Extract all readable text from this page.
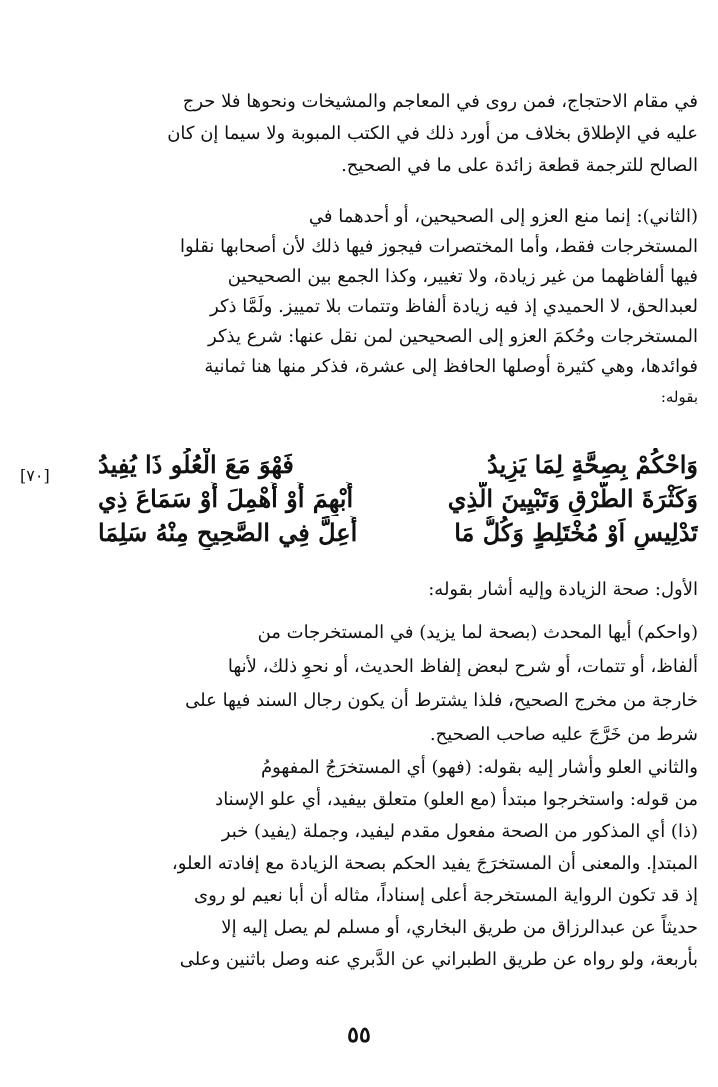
في مقام الاحتجاج، فمن روى في المعاجم والمشيخات ونحوها فلا حرج
عليه في الإطلاق بخلاف من أورد ذلك في الكتب المبوبة ولا سيما إن كان
الصالح للترجمة قطعة زائدة على ما في الصحيح.
(الثاني): إنما منع العزو إلى الصحيحين، أو أحدهما في
المستخرجات فقط، وأما المختصرات فيجوز فيها ذلك لأن أصحابها نقلوا
فيها ألفاظهما من غير زيادة، ولا تغيير، وكذا الجمع بين الصحيحين
لعبدالحق، لا الحميدي إذ فيه زيادة ألفاظ وتتمات بلا تمييز. ولَمَّا ذكر
المستخرجات وحُكمَ العزو إلى الصحيحين لمن نقل عنها: شرع يذكر
فوائدها، وهي كثيرة أوصلها الحافظ إلى عشرة، فذكر منها هنا ثمانية
بقوله:
وَاحْكُمْ بِصِحَّةٍ لِمَا يَزِيدُ
فَهْوَ مَعَ الْعُلُو ذَا يُفِيدُ
وَكَثْرَةَ الطُّرْقِ وَتَبْيِينَ الَّذِي
أُبْهِمَ أَوْ أُهْمِلَ أَوْ سَمَاعَ ذِي
تَدْلِيسٍ اَوْ مُخْتَلِطٍ وَكُلُّ مَا
أُعِلَّ فِي الصَّحِيحِ مِنْهُ سَلِمَا
[٧٠]
الأول: صحة الزيادة وإليه أشار بقوله:
(واحكم) أيها المحدث (بصحة لما يزيد) في المستخرجات من
ألفاظ، أو تتمات، أو شرح لبعض إلفاظ الحديث، أو نحوِ ذلك، لأنها
خارجة من مخرج الصحيح، فلذا يشترط أن يكون رجال السند فيها على
شرط من خَرَّجَ عليه صاحب الصحيح.
والثاني العلو وأشار إليه بقوله: (فهو) أي المستخرَجُ المفهومُ
من قوله: واستخرجوا مبتدأ (مع العلو) متعلق بيفيد، أي علو الإسناد
(ذا) أي المذكور من الصحة مفعول مقدم ليفيد، وجملة (يفيد) خبر
المبتدإ. والمعنى أن المستخرَجَ يفيد الحكم بصحة الزيادة مع إفادته العلو،
إذ قد تكون الرواية المستخرجة أعلى إسناداً، مثاله أن أبا نعيم لو روى
حديثاً عن عبدالرزاق من طريق البخاري، أو مسلم لم يصل إليه إلا
بأربعة، ولو رواه عن طريق الطبراني عن الدَّبري عنه وصل باثنين وعلى
٥٥
